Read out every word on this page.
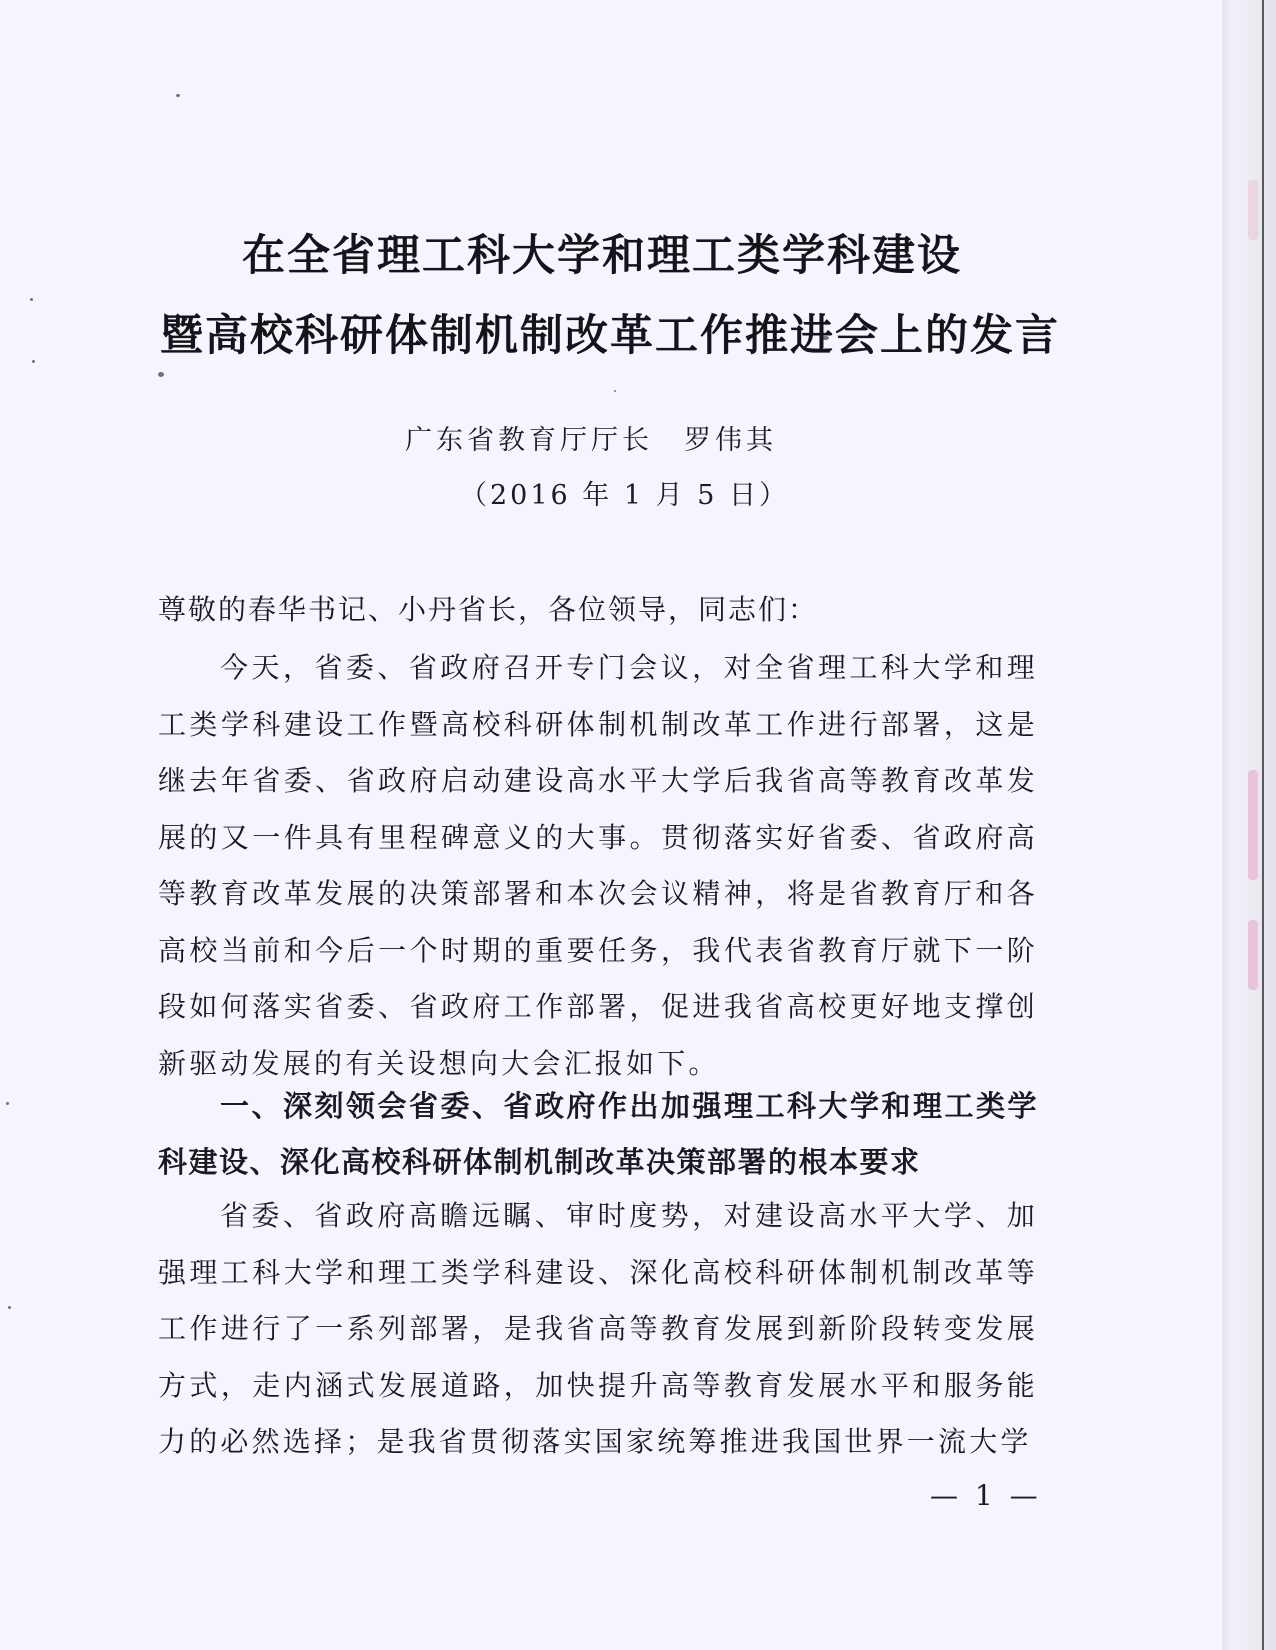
在全省理工科大学和理工类学科建设
暨高校科研体制机制改革工作推进会上的发言
广东省教育厅厅长　罗伟其
（2016 年 1 月 5 日）
尊敬的春华书记、小丹省长，各位领导，同志们：
今天，省委、省政府召开专门会议，对全省理工科大学和理工类学科建设工作暨高校科研体制机制改革工作进行部署，这是继去年省委、省政府启动建设高水平大学后我省高等教育改革发展的又一件具有里程碑意义的大事。贯彻落实好省委、省政府高等教育改革发展的决策部署和本次会议精神，将是省教育厅和各高校当前和今后一个时期的重要任务，我代表省教育厅就下一阶段如何落实省委、省政府工作部署，促进我省高校更好地支撑创新驱动发展的有关设想向大会汇报如下。
一、深刻领会省委、省政府作出加强理工科大学和理工类学科建设、深化高校科研体制机制改革决策部署的根本要求
省委、省政府高瞻远瞩、审时度势，对建设高水平大学、加强理工科大学和理工类学科建设、深化高校科研体制机制改革等工作进行了一系列部署，是我省高等教育发展到新阶段转变发展方式，走内涵式发展道路，加快提升高等教育发展水平和服务能力的必然选择；是我省贯彻落实国家统筹推进我国世界一流大学
— 1 —
